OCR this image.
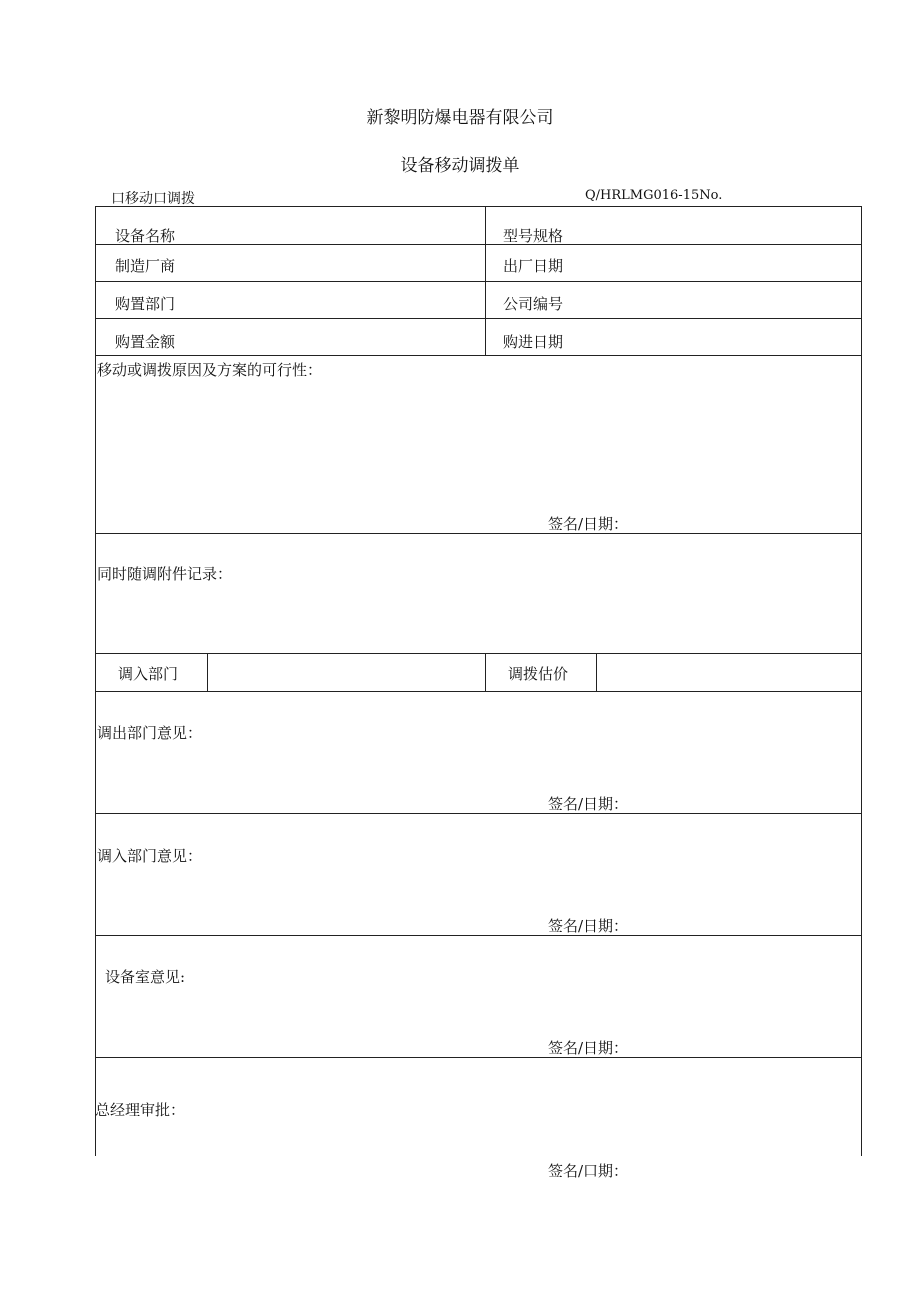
新黎明防爆电器有限公司
设备移动调拨单
口移动口调拨	Q/HRLMG016-15No.
设备名称	型号规格
制造厂商	出厂日期
购置部门	公司编号
购置金额	购进日期
移动或调拨原因及方案的可行性：
签名/日期：
同时随调附件记录：
调入部门	调拨估价
调出部门意见：
签名/日期：
调入部门意见：
签名/日期：
设备室意见:
签名/日期：
总经理审批：
签名/口期：
